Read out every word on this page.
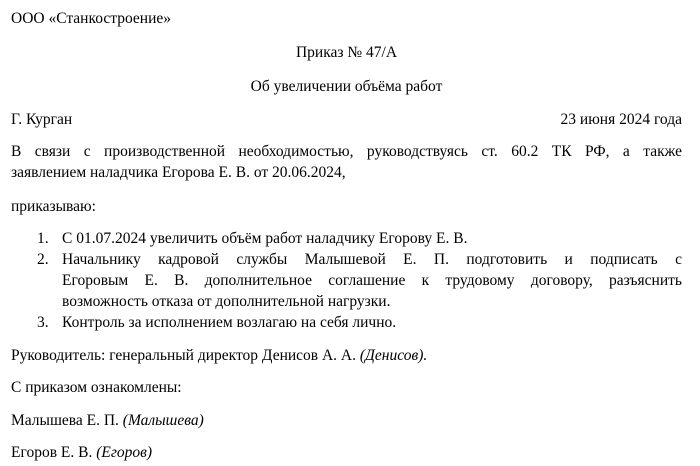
ООО «Станкостроение»
Приказ № 47/А
Об увеличении объёма работ
Г. Курган	23 июня 2024 года
В связи с производственной необходимостью, руководствуясь ст. 60.2 ТК РФ, а также
заявлением наладчика Егорова Е. В. от 20.06.2024,
приказываю:
1. С 01.07.2024 увеличить объём работ наладчику Егорову Е. В.
2. Начальнику кадровой службы Малышевой Е. П. подготовить и подписать с
Егоровым Е. В. дополнительное соглашение к трудовому договору, разъяснить
возможность отказа от дополнительной нагрузки.
3. Контроль за исполнением возлагаю на себя лично.
Руководитель: генеральный директор Денисов А. А. (Денисов).
С приказом ознакомлены:
Малышева Е. П. (Малышева)
Егоров Е. В. (Егоров)
